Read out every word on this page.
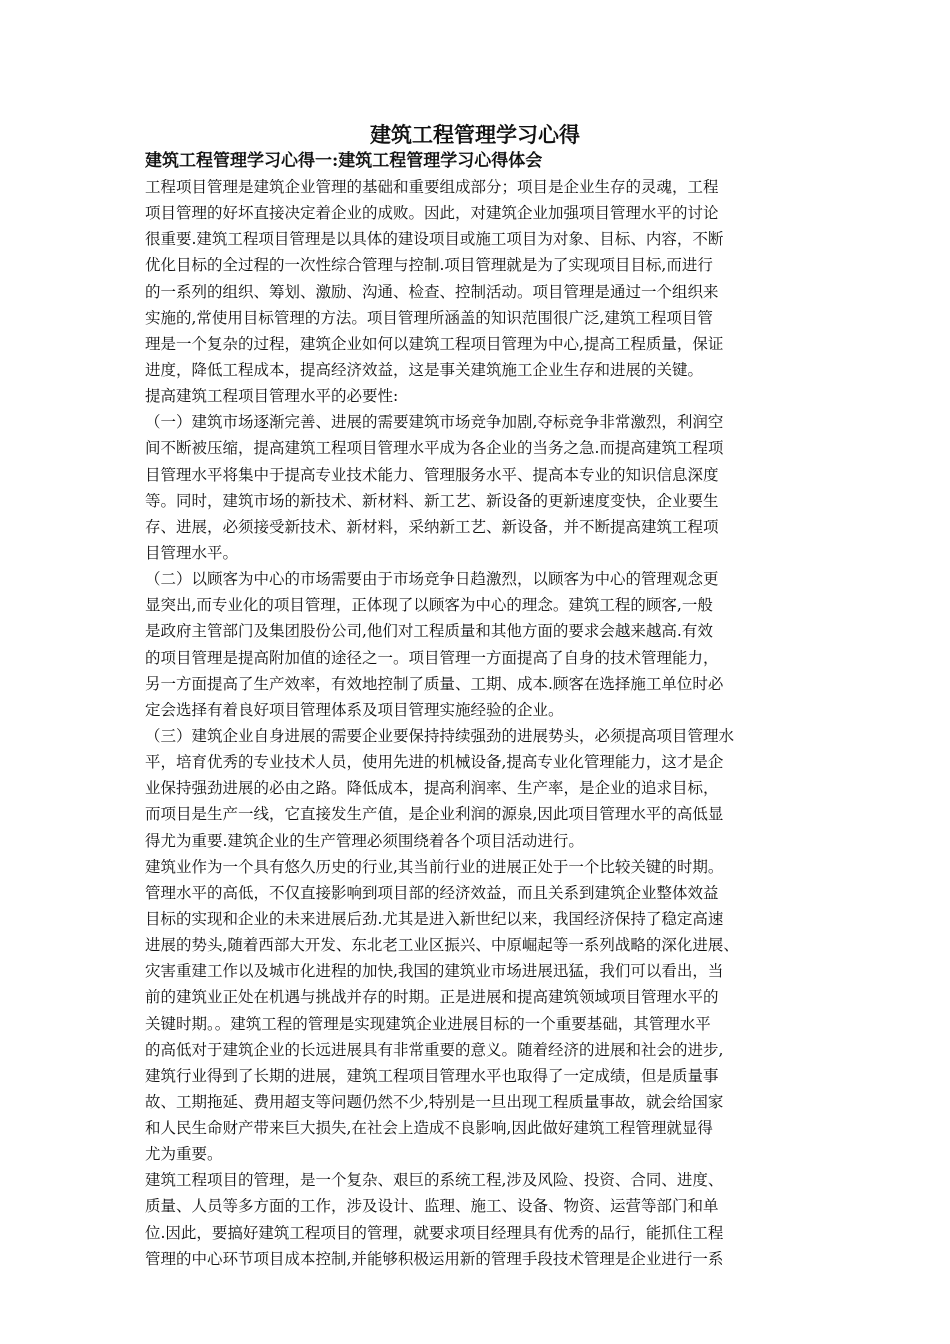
建筑工程管理学习心得
建筑工程管理学习心得一:建筑工程管理学习心得体会
工程项目管理是建筑企业管理的基础和重要组成部分；项目是企业生存的灵魂，工程
项目管理的好坏直接决定着企业的成败。因此，对建筑企业加强项目管理水平的讨论
很重要.建筑工程项目管理是以具体的建设项目或施工项目为对象、目标、内容，不断
优化目标的全过程的一次性综合管理与控制.项目管理就是为了实现项目目标,而进行
的一系列的组织、筹划、激励、沟通、检查、控制活动。项目管理是通过一个组织来
实施的,常使用目标管理的方法。项目管理所涵盖的知识范围很广泛,建筑工程项目管
理是一个复杂的过程，建筑企业如何以建筑工程项目管理为中心,提高工程质量，保证
进度，降低工程成本，提高经济效益，这是事关建筑施工企业生存和进展的关键。
提高建筑工程项目管理水平的必要性:
（一）建筑市场逐渐完善、进展的需要建筑市场竞争加剧,夺标竞争非常激烈，利润空
间不断被压缩，提高建筑工程项目管理水平成为各企业的当务之急.而提高建筑工程项
目管理水平将集中于提高专业技术能力、管理服务水平、提高本专业的知识信息深度
等。同时，建筑市场的新技术、新材料、新工艺、新设备的更新速度变快，企业要生
存、进展，必须接受新技术、新材料，采纳新工艺、新设备，并不断提高建筑工程项
目管理水平。
（二）以顾客为中心的市场需要由于市场竞争日趋激烈，以顾客为中心的管理观念更
显突出,而专业化的项目管理，正体现了以顾客为中心的理念。建筑工程的顾客,一般
是政府主管部门及集团股份公司,他们对工程质量和其他方面的要求会越来越高.有效
的项目管理是提高附加值的途径之一。项目管理一方面提高了自身的技术管理能力，
另一方面提高了生产效率，有效地控制了质量、工期、成本.顾客在选择施工单位时必
定会选择有着良好项目管理体系及项目管理实施经验的企业。
（三）建筑企业自身进展的需要企业要保持持续强劲的进展势头，必须提高项目管理水
平，培育优秀的专业技术人员，使用先进的机械设备,提高专业化管理能力，这才是企
业保持强劲进展的必由之路。降低成本，提高利润率、生产率，是企业的追求目标，
而项目是生产一线，它直接发生产值，是企业利润的源泉,因此项目管理水平的高低显
得尤为重要.建筑企业的生产管理必须围绕着各个项目活动进行。
建筑业作为一个具有悠久历史的行业,其当前行业的进展正处于一个比较关键的时期。
管理水平的高低，不仅直接影响到项目部的经济效益，而且关系到建筑企业整体效益
目标的实现和企业的未来进展后劲.尤其是进入新世纪以来，我国经济保持了稳定高速
进展的势头,随着西部大开发、东北老工业区振兴、中原崛起等一系列战略的深化进展、
灾害重建工作以及城市化进程的加快,我国的建筑业市场进展迅猛，我们可以看出，当
前的建筑业正处在机遇与挑战并存的时期。正是进展和提高建筑领域项目管理水平的
关键时期。。建筑工程的管理是实现建筑企业进展目标的一个重要基础，其管理水平
的高低对于建筑企业的长远进展具有非常重要的意义。随着经济的进展和社会的进步,
建筑行业得到了长期的进展，建筑工程项目管理水平也取得了一定成绩，但是质量事
故、工期拖延、费用超支等问题仍然不少,特别是一旦出现工程质量事故，就会给国家
和人民生命财产带来巨大损失,在社会上造成不良影响,因此做好建筑工程管理就显得
尤为重要。
建筑工程项目的管理，是一个复杂、艰巨的系统工程,涉及风险、投资、合同、进度、
质量、人员等多方面的工作，涉及设计、监理、施工、设备、物资、运营等部门和单
位.因此，要搞好建筑工程项目的管理，就要求项目经理具有优秀的品行，能抓住工程
管理的中心环节项目成本控制,并能够积极运用新的管理手段技术管理是企业进行一系
